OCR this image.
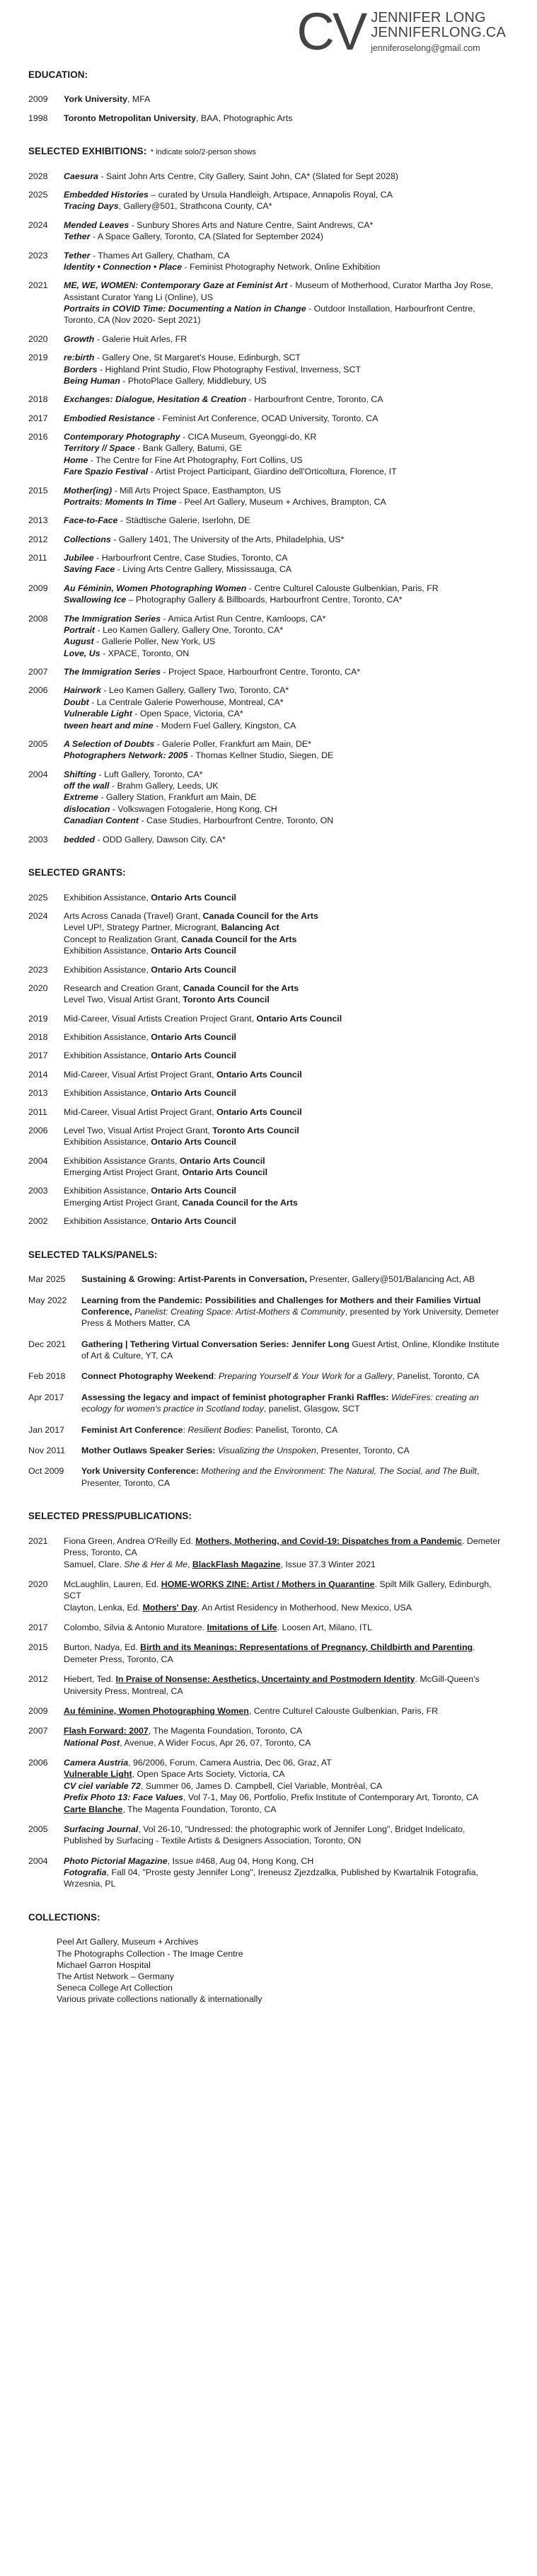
CV JENNIFER LONG
JENNIFERLONG.CA
jenniferoselong@gmail.com
EDUCATION:
2009	York University, MFA
1998	Toronto Metropolitan University, BAA, Photographic Arts
SELECTED EXHIBITIONS: * indicate solo/2-person shows
2028	Caesura - Saint John Arts Centre, City Gallery, Saint John, CA* (Slated for Sept 2028)
2025	Embedded Histories – curated by Ursula Handleigh, Artspace, Annapolis Royal, CA
Tracing Days, Gallery@501, Strathcona County, CA*
2024	Mended Leaves - Sunbury Shores Arts and Nature Centre, Saint Andrews, CA*
Tether - A Space Gallery, Toronto, CA (Slated for September 2024)
2023	Tether - Thames Art Gallery, Chatham, CA
Identity • Connection • Place - Feminist Photography Network, Online Exhibition
2021	ME, WE, WOMEN: Contemporary Gaze at Feminist Art - Museum of Motherhood, Curator Martha Joy Rose, Assistant Curator Yang Li (Online), US
Portraits in COVID Time: Documenting a Nation in Change - Outdoor Installation, Harbourfront Centre, Toronto, CA (Nov 2020- Sept 2021)
2020	Growth - Galerie Huit Arles, FR
2019	re:birth - Gallery One, St Margaret's House, Edinburgh, SCT
Borders - Highland Print Studio, Flow Photography Festival, Inverness, SCT
Being Human - PhotoPlace Gallery, Middlebury, US
2018	Exchanges: Dialogue, Hesitation & Creation - Harbourfront Centre, Toronto, CA
2017	Embodied Resistance - Feminist Art Conference, OCAD University, Toronto, CA
2016	Contemporary Photography - CICA Museum, Gyeonggi-do, KR
Territory // Space - Bank Gallery, Batumi, GE
Home - The Centre for Fine Art Photography, Fort Collins, US
Fare Spazio Festival - Artist Project Participant, Giardino dell'Orticoltura, Florence, IT
2015	Mother(ing) - Mill Arts Project Space, Easthampton, US
Portraits: Moments In Time - Peel Art Gallery, Museum + Archives, Brampton, CA
2013	Face-to-Face - Städtische Galerie, Iserlohn, DE
2012	Collections - Gallery 1401, The University of the Arts, Philadelphia, US*
2011	Jubilee - Harbourfront Centre, Case Studies, Toronto, CA
Saving Face - Living Arts Centre Gallery, Mississauga, CA
2009	Au Féminin, Women Photographing Women - Centre Culturel Calouste Gulbenkian, Paris, FR
Swallowing Ice – Photography Gallery & Billboards, Harbourfront Centre, Toronto, CA*
2008	The Immigration Series - Amica Artist Run Centre, Kamloops, CA*
Portrait - Leo Kamen Gallery, Gallery One, Toronto, CA*
August - Gallerie Poller, New York, US
Love, Us - XPACE, Toronto, ON
2007	The Immigration Series - Project Space, Harbourfront Centre, Toronto, CA*
2006	Hairwork - Leo Kamen Gallery, Gallery Two, Toronto, CA*
Doubt - La Centrale Galerie Powerhouse, Montreal, CA*
Vulnerable Light - Open Space, Victoria, CA*
tween heart and mine - Modern Fuel Gallery, Kingston, CA
2005	A Selection of Doubts - Galerie Poller, Frankfurt am Main, DE*
Photographers Network: 2005 - Thomas Kellner Studio, Siegen, DE
2004	Shifting - Luft Gallery, Toronto, CA*
off the wall - Brahm Gallery, Leeds, UK
Extreme - Gallery Station, Frankfurt am Main, DE
dislocation - Volkswagen Fotogalerie, Hong Kong, CH
Canadian Content - Case Studies, Harbourfront Centre, Toronto, ON
2003	bedded - ODD Gallery, Dawson City, CA*
SELECTED GRANTS:
2025	Exhibition Assistance, Ontario Arts Council
2024	Arts Across Canada (Travel) Grant, Canada Council for the Arts
Level UP!, Strategy Partner, Microgrant, Balancing Act
Concept to Realization Grant, Canada Council for the Arts
Exhibition Assistance, Ontario Arts Council
2023	Exhibition Assistance, Ontario Arts Council
2020	Research and Creation Grant, Canada Council for the Arts
Level Two, Visual Artist Grant, Toronto Arts Council
2019	Mid-Career, Visual Artists Creation Project Grant, Ontario Arts Council
2018	Exhibition Assistance, Ontario Arts Council
2017	Exhibition Assistance, Ontario Arts Council
2014	Mid-Career, Visual Artist Project Grant, Ontario Arts Council
2013	Exhibition Assistance, Ontario Arts Council
2011	Mid-Career, Visual Artist Project Grant, Ontario Arts Council
2006	Level Two, Visual Artist Project Grant, Toronto Arts Council
Exhibition Assistance, Ontario Arts Council
2004	Exhibition Assistance Grants, Ontario Arts Council
Emerging Artist Project Grant, Ontario Arts Council
2003	Exhibition Assistance, Ontario Arts Council
Emerging Artist Project Grant, Canada Council for the Arts
2002	Exhibition Assistance, Ontario Arts Council
SELECTED TALKS/PANELS:
Mar 2025	Sustaining & Growing: Artist-Parents in Conversation, Presenter, Gallery@501/Balancing Act, AB
May 2022	Learning from the Pandemic: Possibilities and Challenges for Mothers and their Families Virtual Conference, Panelist: Creating Space: Artist-Mothers & Community, presented by York University, Demeter Press & Mothers Matter, CA
Dec 2021	Gathering | Tethering Virtual Conversation Series: Jennifer Long Guest Artist, Online, Klondike Institute of Art & Culture, YT, CA
Feb 2018	Connect Photography Weekend: Preparing Yourself & Your Work for a Gallery, Panelist, Toronto, CA
Apr 2017	Assessing the legacy and impact of feminist photographer Franki Raffles: WideFires: creating an ecology for women's practice in Scotland today, panelist, Glasgow, SCT
Jan 2017	Feminist Art Conference: Resilient Bodies: Panelist, Toronto, CA
Nov 2011	Mother Outlaws Speaker Series: Visualizing the Unspoken, Presenter, Toronto, CA
Oct 2009	York University Conference: Mothering and the Environment: The Natural, The Social, and The Built, Presenter, Toronto, CA
SELECTED PRESS/PUBLICATIONS:
2021	Fiona Green, Andrea O'Reilly Ed. Mothers, Mothering, and Covid-19: Dispatches from a Pandemic. Demeter Press, Toronto, CA
Samuel, Clare. She & Her & Me, BlackFlash Magazine, Issue 37.3 Winter 2021
2020	McLaughlin, Lauren, Ed. HOME-WORKS ZINE: Artist / Mothers in Quarantine. Spilt Milk Gallery, Edinburgh, SCT
Clayton, Lenka, Ed. Mothers' Day. An Artist Residency in Motherhood, New Mexico, USA
2017	Colombo, Silvia & Antonio Muratore. Imitations of Life. Loosen Art, Milano, ITL
2015	Burton, Nadya, Ed. Birth and its Meanings: Representations of Pregnancy, Childbirth and Parenting. Demeter Press, Toronto, CA
2012	Hiebert, Ted. In Praise of Nonsense: Aesthetics, Uncertainty and Postmodern Identity. McGill-Queen's University Press, Montreal, CA
2009	Au féminine, Women Photographing Women, Centre Culturel Calouste Gulbenkian, Paris, FR
2007	Flash Forward: 2007, The Magenta Foundation, Toronto, CA
National Post, Avenue, A Wider Focus, Apr 26, 07, Toronto, CA
2006	Camera Austria, 96/2006, Forum, Camera Austria, Dec 06, Graz, AT
Vulnerable Light, Open Space Arts Society, Victoria, CA
CV ciel variable 72, Summer 06, James D. Campbell, Ciel Variable, Montréal, CA
Prefix Photo 13: Face Values, Vol 7-1, May 06, Portfolio, Prefix Institute of Contemporary Art, Toronto, CA
Carte Blanche, The Magenta Foundation, Toronto, CA
2005	Surfacing Journal, Vol 26-10, "Undressed: the photographic work of Jennifer Long", Bridget Indelicato, Published by Surfacing - Textile Artists & Designers Association, Toronto, ON
2004	Photo Pictorial Magazine, Issue #468, Aug 04, Hong Kong, CH
Fotografia, Fall 04, "Proste gesty Jennifer Long", Ireneusz Zjezdzalka, Published by Kwartalnik Fotografia, Wrzesnia, PL
COLLECTIONS:
Peel Art Gallery, Museum + Archives
The Photographs Collection - The Image Centre
Michael Garron Hospital
The Artist Network – Germany
Seneca College Art Collection
Various private collections nationally & internationally
